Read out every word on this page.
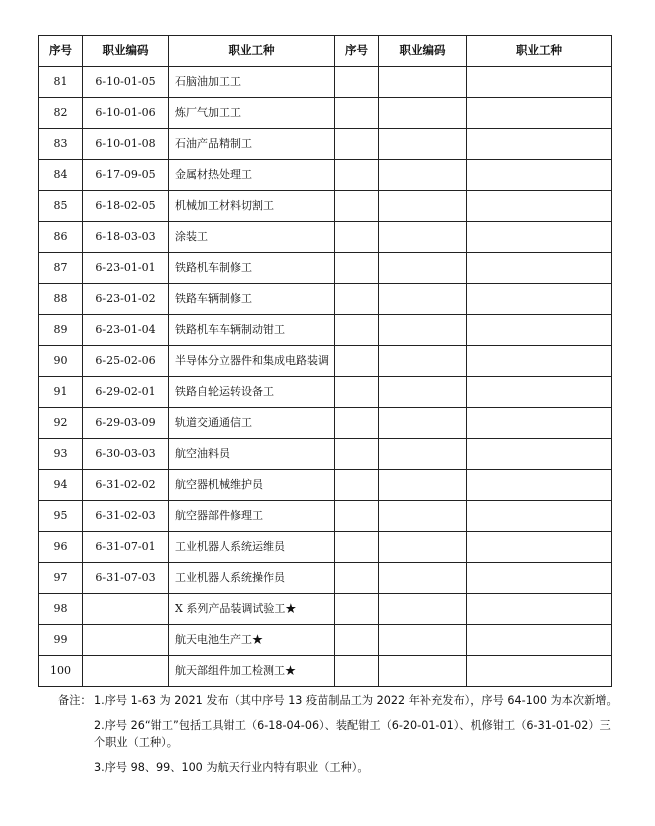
序号	职业编码	职业工种	序号	职业编码	职业工种
81	6-10-01-05	石脑油加工工			

82	6-10-01-06	炼厂气加工工			

83	6-10-01-08	石油产品精制工			

84	6-17-09-05	金属材热处理工			

85	6-18-02-05	机械加工材料切割工			

86	6-18-03-03	涂装工			

87	6-23-01-01	铁路机车制修工			

88	6-23-01-02	铁路车辆制修工			

89	6-23-01-04	铁路机车车辆制动钳工			

90	6-25-02-06	半导体分立器件和集成电路装调			

91	6-29-02-01	铁路自轮运转设备工			

92	6-29-03-09	轨道交通通信工			

93	6-30-03-03	航空油料员			

94	6-31-02-02	航空器机械维护员			

95	6-31-02-03	航空器部件修理工			

96	6-31-07-01	工业机器人系统运维员			

97	6-31-07-03	工业机器人系统操作员			

98		X 系列产品装调试验工★			

99		航天电池生产工★			

100		航天部组件加工检测工★			

备注： 1.序号 1-63 为 2021 发布（其中序号 13 疫苗制品工为 2022 年补充发布），序号 64-100 为本次新增。
2.序号 26“钳工”包括工具钳工（6-18-04-06）、装配钳工（6-20-01-01）、机修钳工（6-31-01-02）三个职业（工种）。
3.序号 98、99、100 为航天行业内特有职业（工种）。
